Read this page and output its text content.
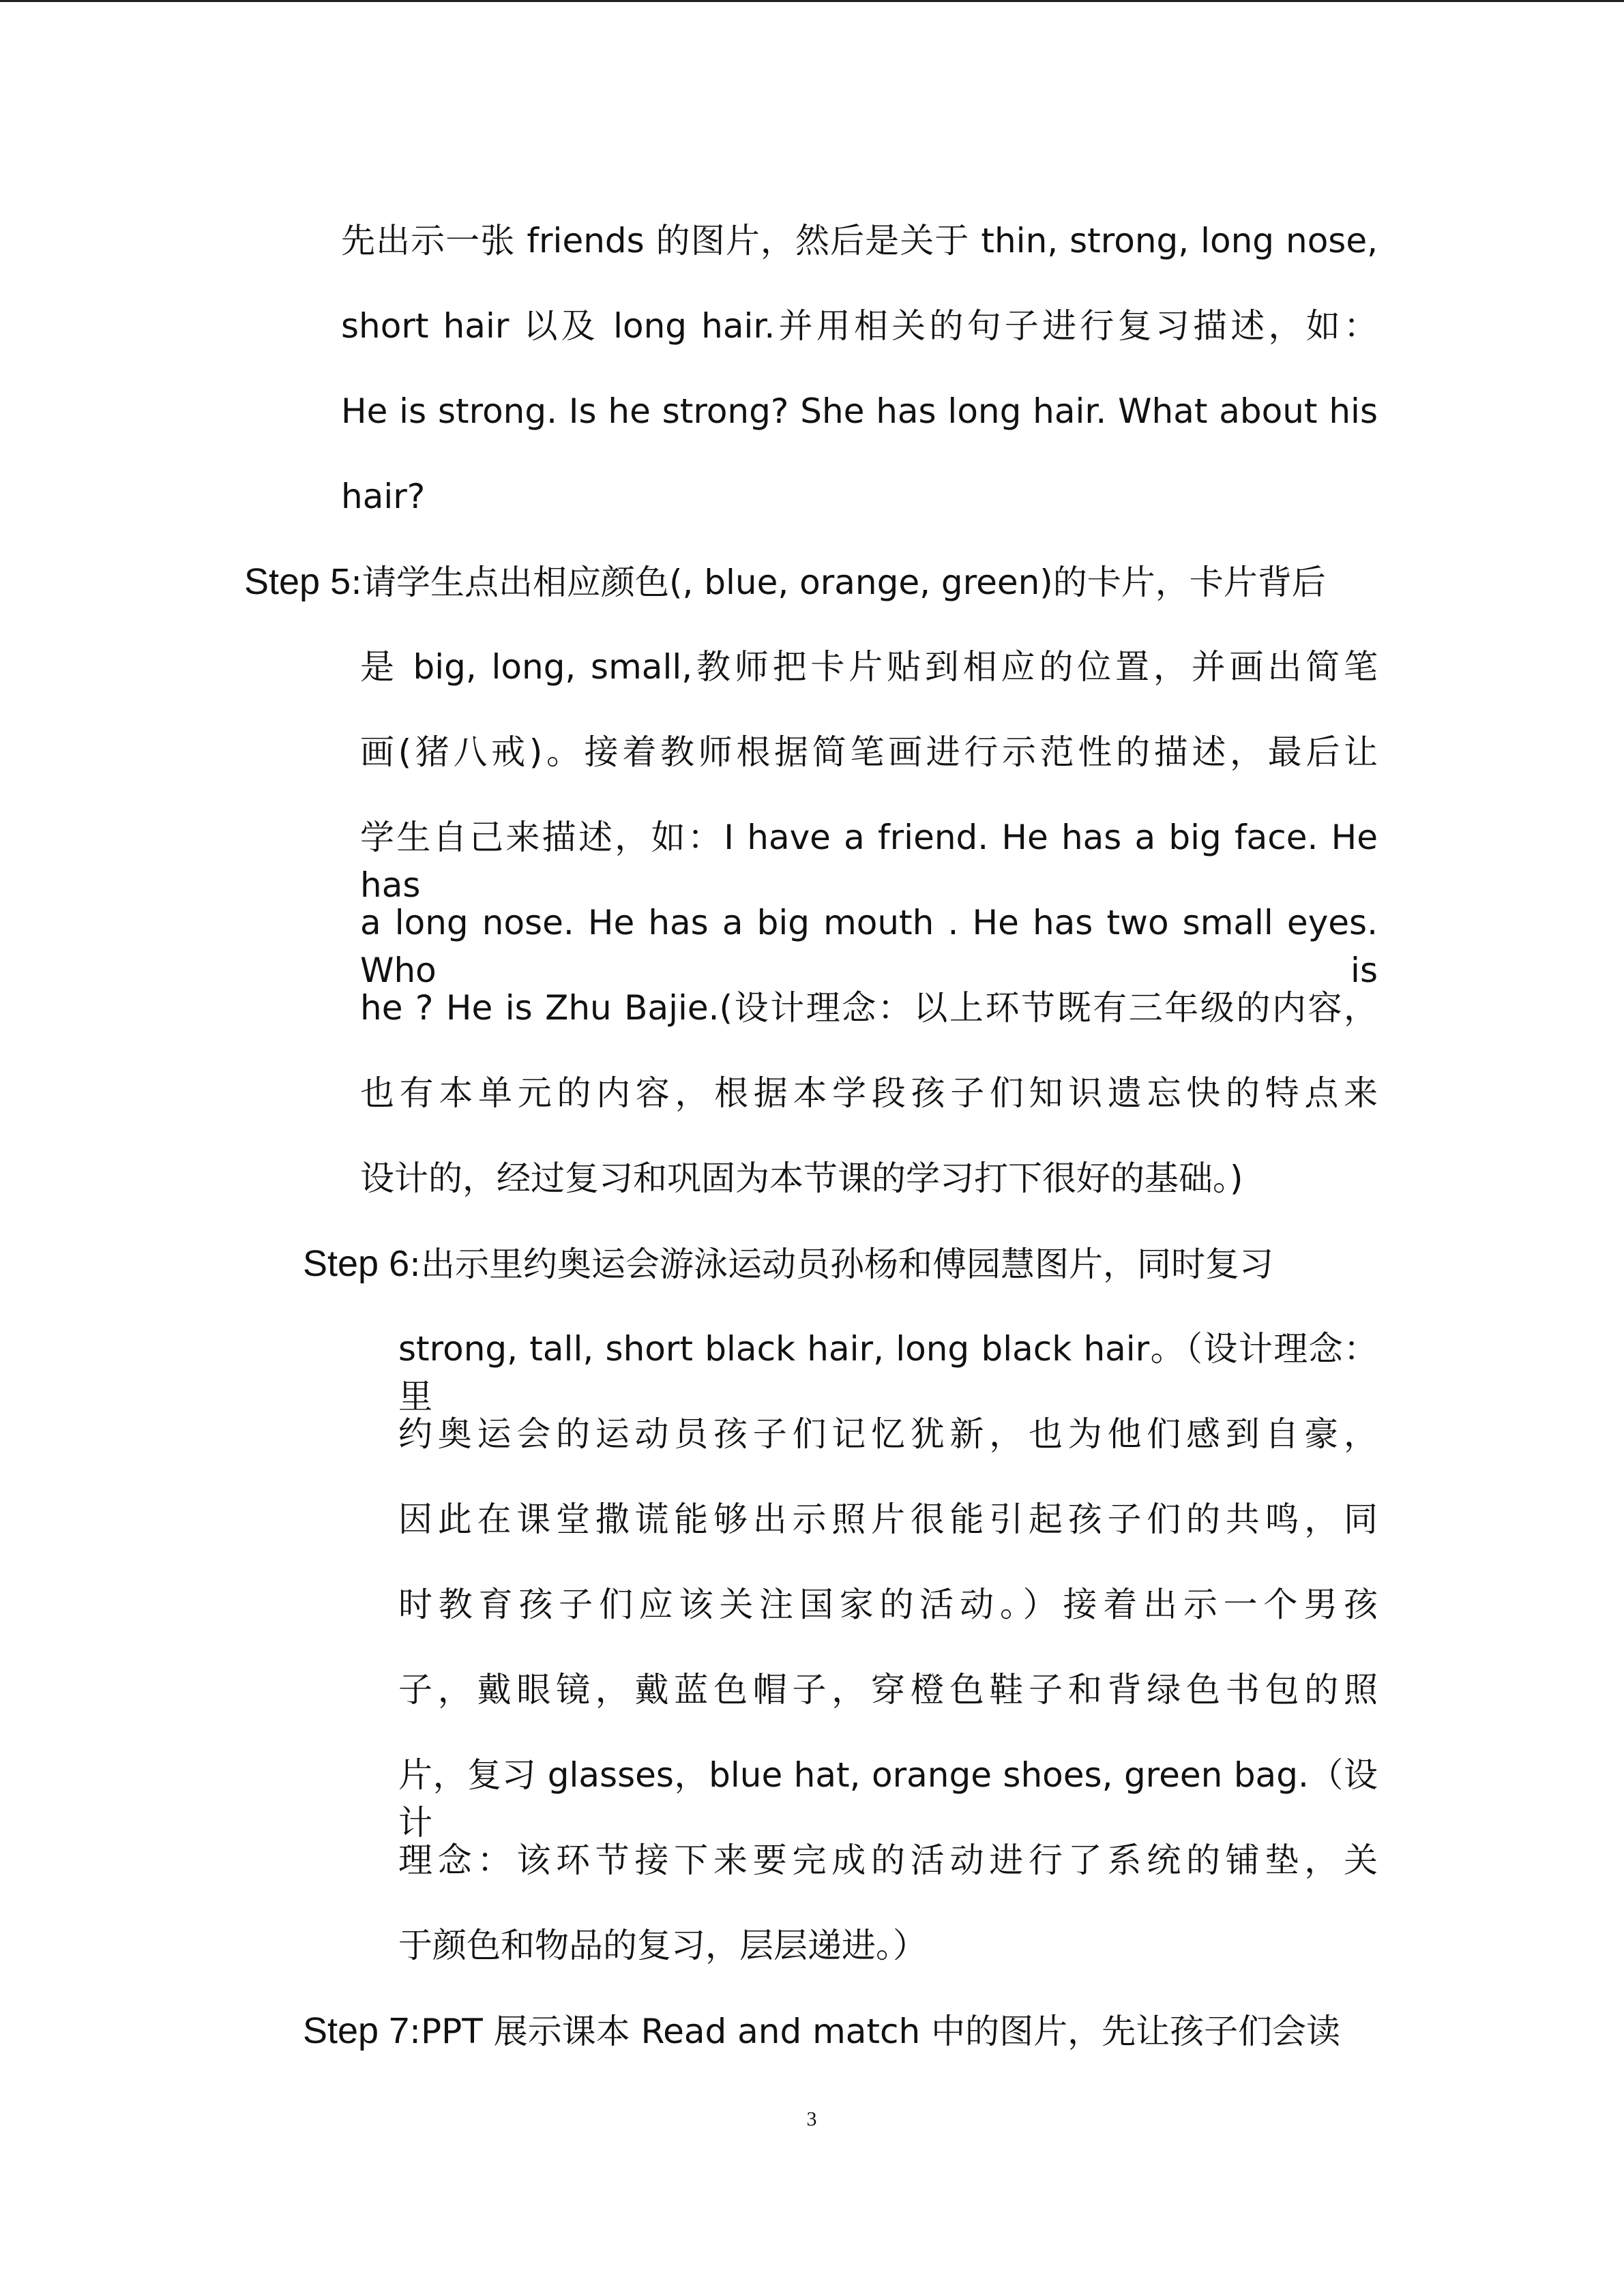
先出示一张 friends 的图片，然后是关于 thin, strong, long nose,
short hair 以及 long hair.并用相关的句子进行复习描述，如：
He is strong. Is he strong? She has long hair. What about his
hair?
Step 5:请学生点出相应颜色(, blue, orange, green)的卡片，卡片背后
是 big, long, small,教师把卡片贴到相应的位置，并画出简笔
画(猪八戒)。接着教师根据简笔画进行示范性的描述，最后让
学生自己来描述，如：I have a friend. He has a big face. He has
a long nose. He has a big mouth . He has two small eyes. Who is
he ? He is Zhu Bajie.(设计理念：以上环节既有三年级的内容，
也有本单元的内容，根据本学段孩子们知识遗忘快的特点来
设计的，经过复习和巩固为本节课的学习打下很好的基础。)
Step 6:出示里约奥运会游泳运动员孙杨和傅园慧图片，同时复习
strong, tall, short black hair, long black hair。（设计理念：里
约奥运会的运动员孩子们记忆犹新，也为他们感到自豪，
因此在课堂撒谎能够出示照片很能引起孩子们的共鸣，同
时教育孩子们应该关注国家的活动。）接着出示一个男孩
子，戴眼镜，戴蓝色帽子，穿橙色鞋子和背绿色书包的照
片，复习 glasses，blue hat, orange shoes, green bag.（设计
理念：该环节接下来要完成的活动进行了系统的铺垫，关
于颜色和物品的复习，层层递进。）
Step 7:PPT 展示课本 Read and match 中的图片，先让孩子们会读
3
